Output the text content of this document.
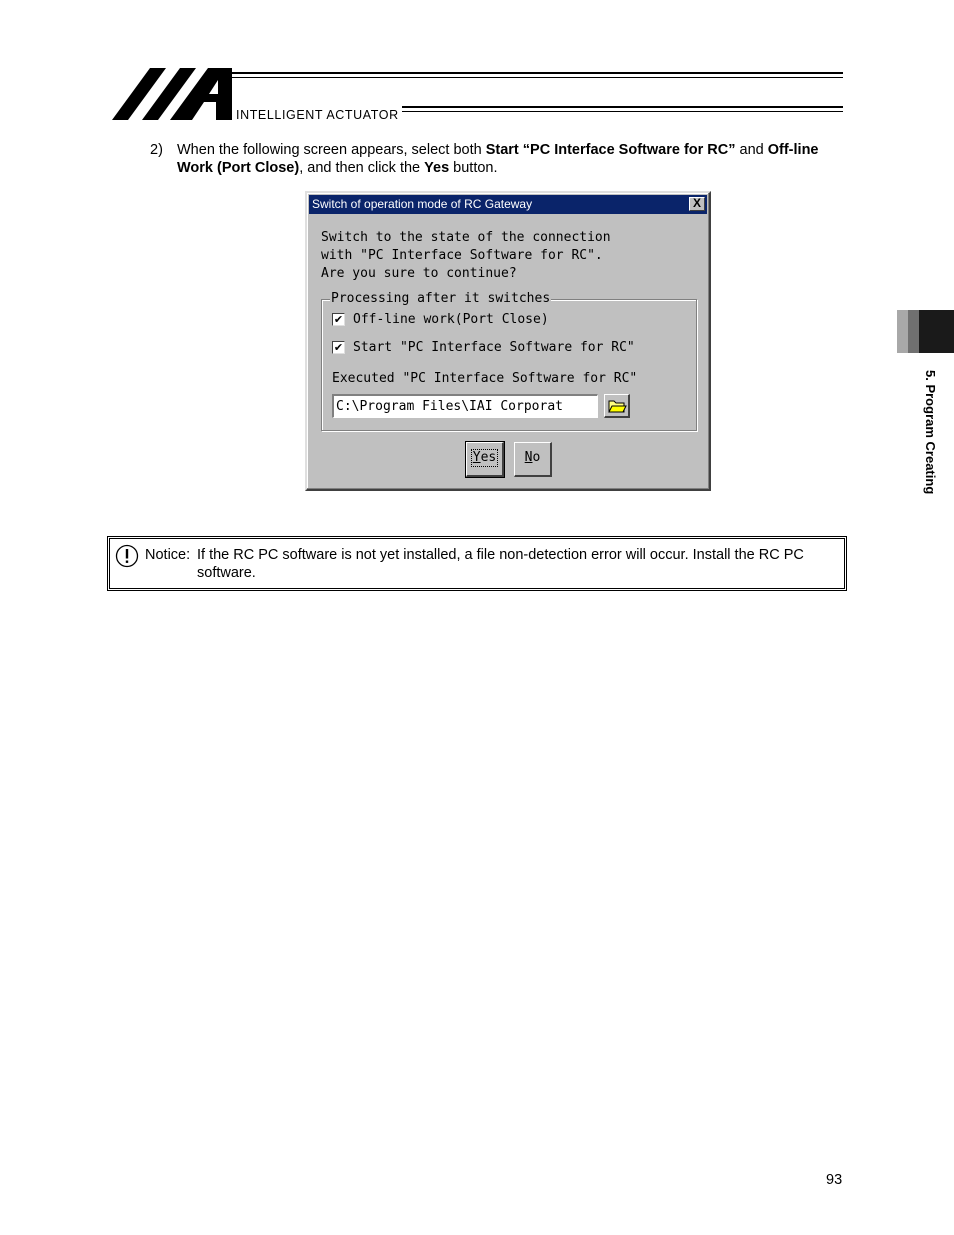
INTELLIGENT ACTUATOR
2) When the following screen appears, select both Start “PC Interface Software for RC” and Off-line Work (Port Close), and then click the Yes button.
Switch of operation mode of RC Gateway	X
Switch to the state of the connection
with "PC Interface Software for RC".
Are you sure to continue?
Processing after it switches
✔ Off-line work(Port Close)
✔ Start "PC Interface Software for RC"
Executed "PC Interface Software for RC"
C:\Program Files\IAI Corporat
Yes	No
Notice: If the RC PC software is not yet installed, a file non-detection error will occur. Install the RC PC software.
5. Program Creating
93
